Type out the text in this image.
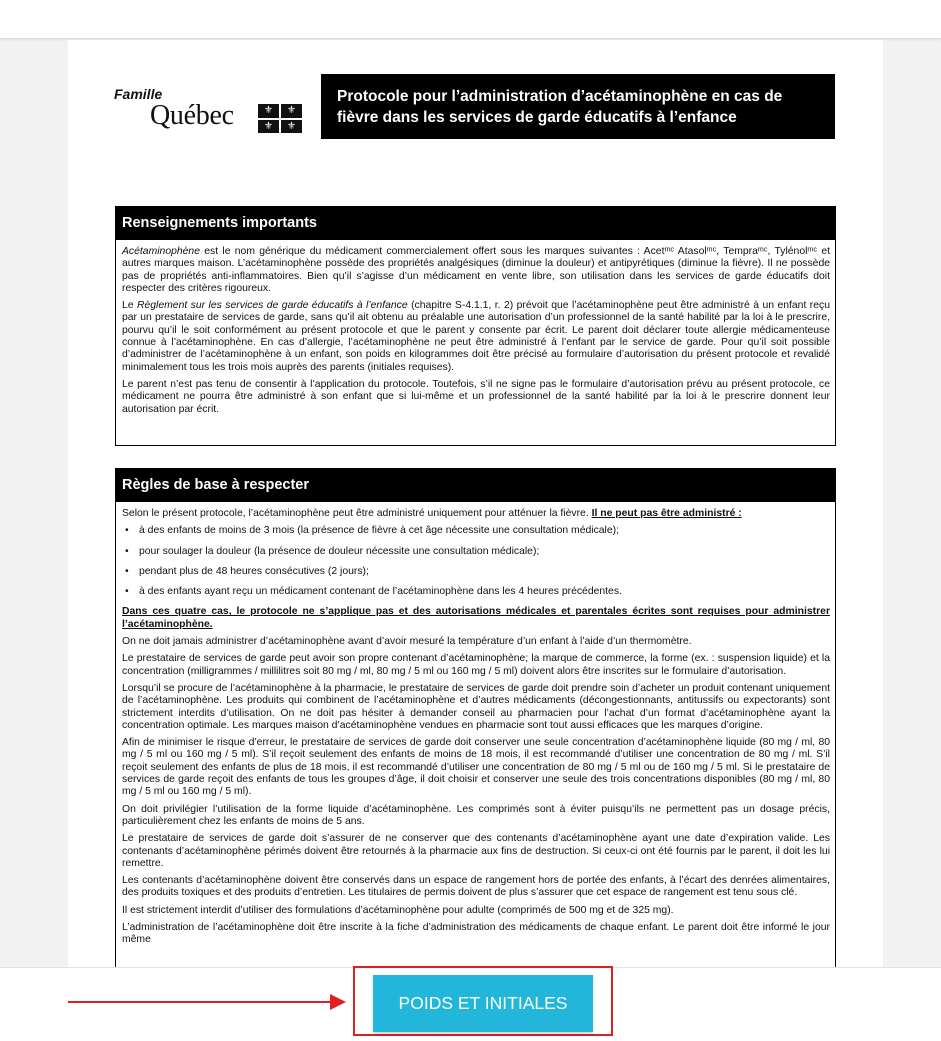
Famille
Québec	⚜	⚜
⚜	⚜
Protocole pour l’administration d’acétaminophène en cas de fièvre dans les services de garde éducatifs à l’enfance
Renseignements importants

Acétaminophène est le nom générique du médicament commercialement offert sous les marques suivantes : Acetᵐᶜ Atasolᵐᶜ, Tempraᵐᶜ, Tylénolᵐᶜ et autres marques maison. L’acétaminophène possède des propriétés analgésiques (diminue la douleur) et antipyrétiques (diminue la fièvre). Il ne possède pas de propriétés anti-inflammatoires. Bien qu’il s’agisse d’un médicament en vente libre, son utilisation dans les services de garde éducatifs doit respecter des critères rigoureux.

Le Règlement sur les services de garde éducatifs à l’enfance (chapitre S-4.1.1, r. 2) prévoit que l’acétaminophène peut être administré à un enfant reçu par un prestataire de services de garde, sans qu’il ait obtenu au préalable une autorisation d’un professionnel de la santé habilité par la loi à le prescrire, pourvu qu’il le soit conformément au présent protocole et que le parent y consente par écrit. Le parent doit déclarer toute allergie médicamenteuse connue à l’acétaminophène. En cas d’allergie, l’acétaminophène ne peut être administré à l’enfant par le service de garde. Pour qu’il soit possible d’administrer de l’acétaminophène à un enfant, son poids en kilogrammes doit être précisé au formulaire d’autorisation du présent protocole et revalidé minimalement tous les trois mois auprès des parents (initiales requises).

Le parent n’est pas tenu de consentir à l’application du protocole. Toutefois, s’il ne signe pas le formulaire d’autorisation prévu au présent protocole, ce médicament ne pourra être administré à son enfant que si lui-même et un professionnel de la santé habilité par la loi à le prescrire donnent leur autorisation par écrit.

Règles de base à respecter

Selon le présent protocole, l’acétaminophène peut être administré uniquement pour atténuer la fièvre. Il ne peut pas être administré :

• à des enfants de moins de 3 mois (la présence de fièvre à cet âge nécessite une consultation médicale);
• pour soulager la douleur (la présence de douleur nécessite une consultation médicale);
• pendant plus de 48 heures consécutives (2 jours);
• à des enfants ayant reçu un médicament contenant de l’acétaminophène dans les 4 heures précédentes.

Dans ces quatre cas, le protocole ne s’applique pas et des autorisations médicales et parentales écrites sont requises pour administrer l’acétaminophène.

On ne doit jamais administrer d’acétaminophène avant d’avoir mesuré la température d’un enfant à l’aide d’un thermomètre.

Le prestataire de services de garde peut avoir son propre contenant d’acétaminophène; la marque de commerce, la forme (ex. : suspension liquide) et la concentration (milligrammes / millilitres soit 80 mg / ml, 80 mg / 5 ml ou 160 mg / 5 ml) doivent alors être inscrites sur le formulaire d’autorisation.

Lorsqu’il se procure de l’acétaminophène à la pharmacie, le prestataire de services de garde doit prendre soin d’acheter un produit contenant uniquement de l’acétaminophène. Les produits qui combinent de l’acétaminophène et d’autres médicaments (décongestionnants, antitussifs ou expectorants) sont strictement interdits d’utilisation. On ne doit pas hésiter à demander conseil au pharmacien pour l’achat d’un format d’acétaminophène ayant la concentration optimale. Les marques maison d’acétaminophène vendues en pharmacie sont tout aussi efficaces que les marques d’origine.

Afin de minimiser le risque d’erreur, le prestataire de services de garde doit conserver une seule concentration d’acétaminophène liquide (80 mg / ml, 80 mg / 5 ml ou 160 mg / 5 ml). S’il reçoit seulement des enfants de moins de 18 mois, il est recommandé d’utiliser une concentration de 80 mg / ml. S’il reçoit seulement des enfants de plus de 18 mois, il est recommandé d’utiliser une concentration de 80 mg / 5 ml ou de 160 mg / 5 ml. Si le prestataire de services de garde reçoit des enfants de tous les groupes d’âge, il doit choisir et conserver une seule des trois concentrations disponibles (80 mg / ml, 80 mg / 5 ml ou 160 mg / 5 ml).

On doit privilégier l’utilisation de la forme liquide d’acétaminophène. Les comprimés sont à éviter puisqu’ils ne permettent pas un dosage précis, particulièrement chez les enfants de moins de 5 ans.

Le prestataire de services de garde doit s’assurer de ne conserver que des contenants d’acétaminophène ayant une date d’expiration valide. Les contenants d’acétaminophène périmés doivent être retournés à la pharmacie aux fins de destruction. Si ceux-ci ont été fournis par le parent, il doit les lui remettre.

Les contenants d’acétaminophène doivent être conservés dans un espace de rangement hors de portée des enfants, à l’écart des denrées alimentaires, des produits toxiques et des produits d’entretien. Les titulaires de permis doivent de plus s’assurer que cet espace de rangement est tenu sous clé.

Il est strictement interdit d’utiliser des formulations d’acétaminophène pour adulte (comprimés de 500 mg et de 325 mg).

L’administration de l’acétaminophène doit être inscrite à la fiche d’administration des médicaments de chaque enfant. Le parent doit être informé le jour même

POIDS ET INITIALES
